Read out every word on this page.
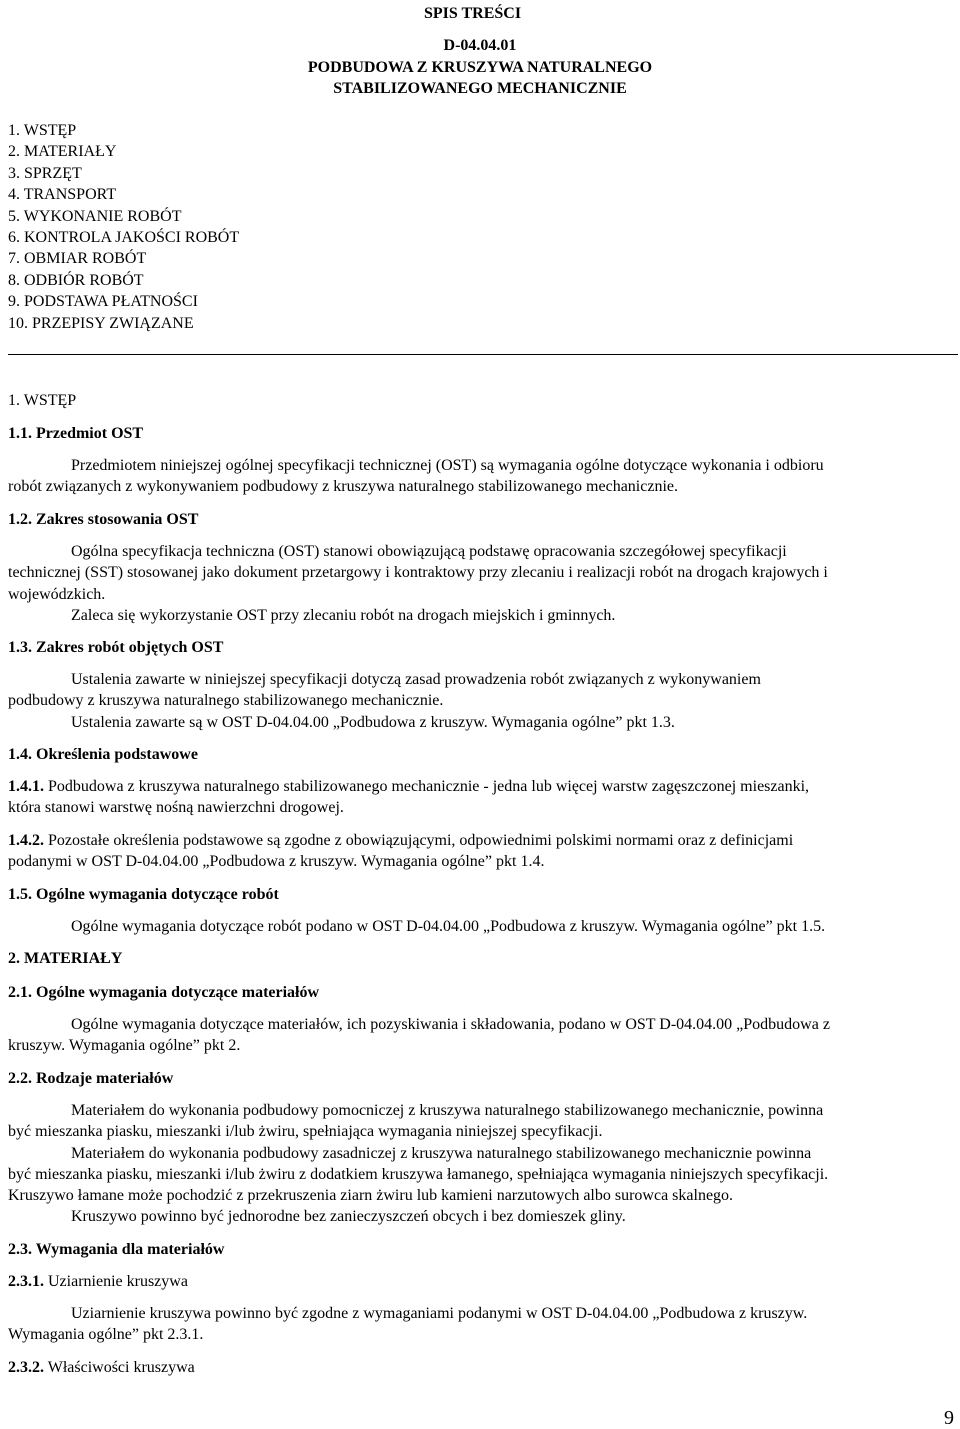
SPIS TREŚCI
D-04.04.01
PODBUDOWA Z KRUSZYWA NATURALNEGO
STABILIZOWANEGO MECHANICZNIE
1. WSTĘP
2. MATERIAŁY
3. SPRZĘT
4. TRANSPORT
5. WYKONANIE ROBÓT
6. KONTROLA JAKOŚCI ROBÓT
7. OBMIAR ROBÓT
8. ODBIÓR ROBÓT
9. PODSTAWA PŁATNOŚCI
10. PRZEPISY ZWIĄZANE
1. WSTĘP
1.1. Przedmiot OST
Przedmiotem niniejszej ogólnej specyfikacji technicznej (OST) są wymagania ogólne dotyczące wykonania i odbioru
robót związanych z wykonywaniem podbudowy z kruszywa naturalnego stabilizowanego mechanicznie.
1.2. Zakres stosowania OST
Ogólna specyfikacja techniczna (OST) stanowi obowiązującą podstawę opracowania szczegółowej specyfikacji
technicznej (SST) stosowanej jako dokument przetargowy i kontraktowy przy zlecaniu i realizacji robót na drogach krajowych i
wojewódzkich.
Zaleca się wykorzystanie OST przy zlecaniu robót na drogach miejskich i gminnych.
1.3. Zakres robót objętych OST
Ustalenia zawarte w niniejszej specyfikacji dotyczą zasad prowadzenia robót związanych z wykonywaniem
podbudowy z kruszywa naturalnego stabilizowanego mechanicznie.
Ustalenia zawarte są w OST D-04.04.00 „Podbudowa z kruszyw. Wymagania ogólne” pkt 1.3.
1.4. Określenia podstawowe
1.4.1. Podbudowa z kruszywa naturalnego stabilizowanego mechanicznie - jedna lub więcej warstw zagęszczonej mieszanki,
która stanowi warstwę nośną nawierzchni drogowej.
1.4.2. Pozostałe określenia podstawowe są zgodne z obowiązującymi, odpowiednimi polskimi normami oraz z definicjami
podanymi w OST D-04.04.00 „Podbudowa z kruszyw. Wymagania ogólne” pkt 1.4.
1.5. Ogólne wymagania dotyczące robót
Ogólne wymagania dotyczące robót podano w OST D-04.04.00 „Podbudowa z kruszyw. Wymagania ogólne” pkt 1.5.
2. MATERIAŁY
2.1. Ogólne wymagania dotyczące materiałów
Ogólne wymagania dotyczące materiałów, ich pozyskiwania i składowania, podano w OST D-04.04.00 „Podbudowa z
kruszyw. Wymagania ogólne” pkt 2.
2.2. Rodzaje materiałów
Materiałem do wykonania podbudowy pomocniczej z kruszywa naturalnego stabilizowanego mechanicznie, powinna
być mieszanka piasku, mieszanki i/lub żwiru, spełniająca wymagania niniejszej specyfikacji.
Materiałem do wykonania podbudowy zasadniczej z kruszywa naturalnego stabilizowanego mechanicznie powinna
być mieszanka piasku, mieszanki i/lub żwiru z dodatkiem kruszywa łamanego, spełniająca wymagania niniejszych specyfikacji.
Kruszywo łamane może pochodzić z przekruszenia ziarn żwiru lub kamieni narzutowych albo surowca skalnego.
Kruszywo powinno być jednorodne bez zanieczyszczeń obcych i bez domieszek gliny.
2.3. Wymagania dla materiałów
2.3.1. Uziarnienie kruszywa
Uziarnienie kruszywa powinno być zgodne z wymaganiami podanymi w OST D-04.04.00 „Podbudowa z kruszyw.
Wymagania ogólne” pkt 2.3.1.
2.3.2. Właściwości kruszywa
9
